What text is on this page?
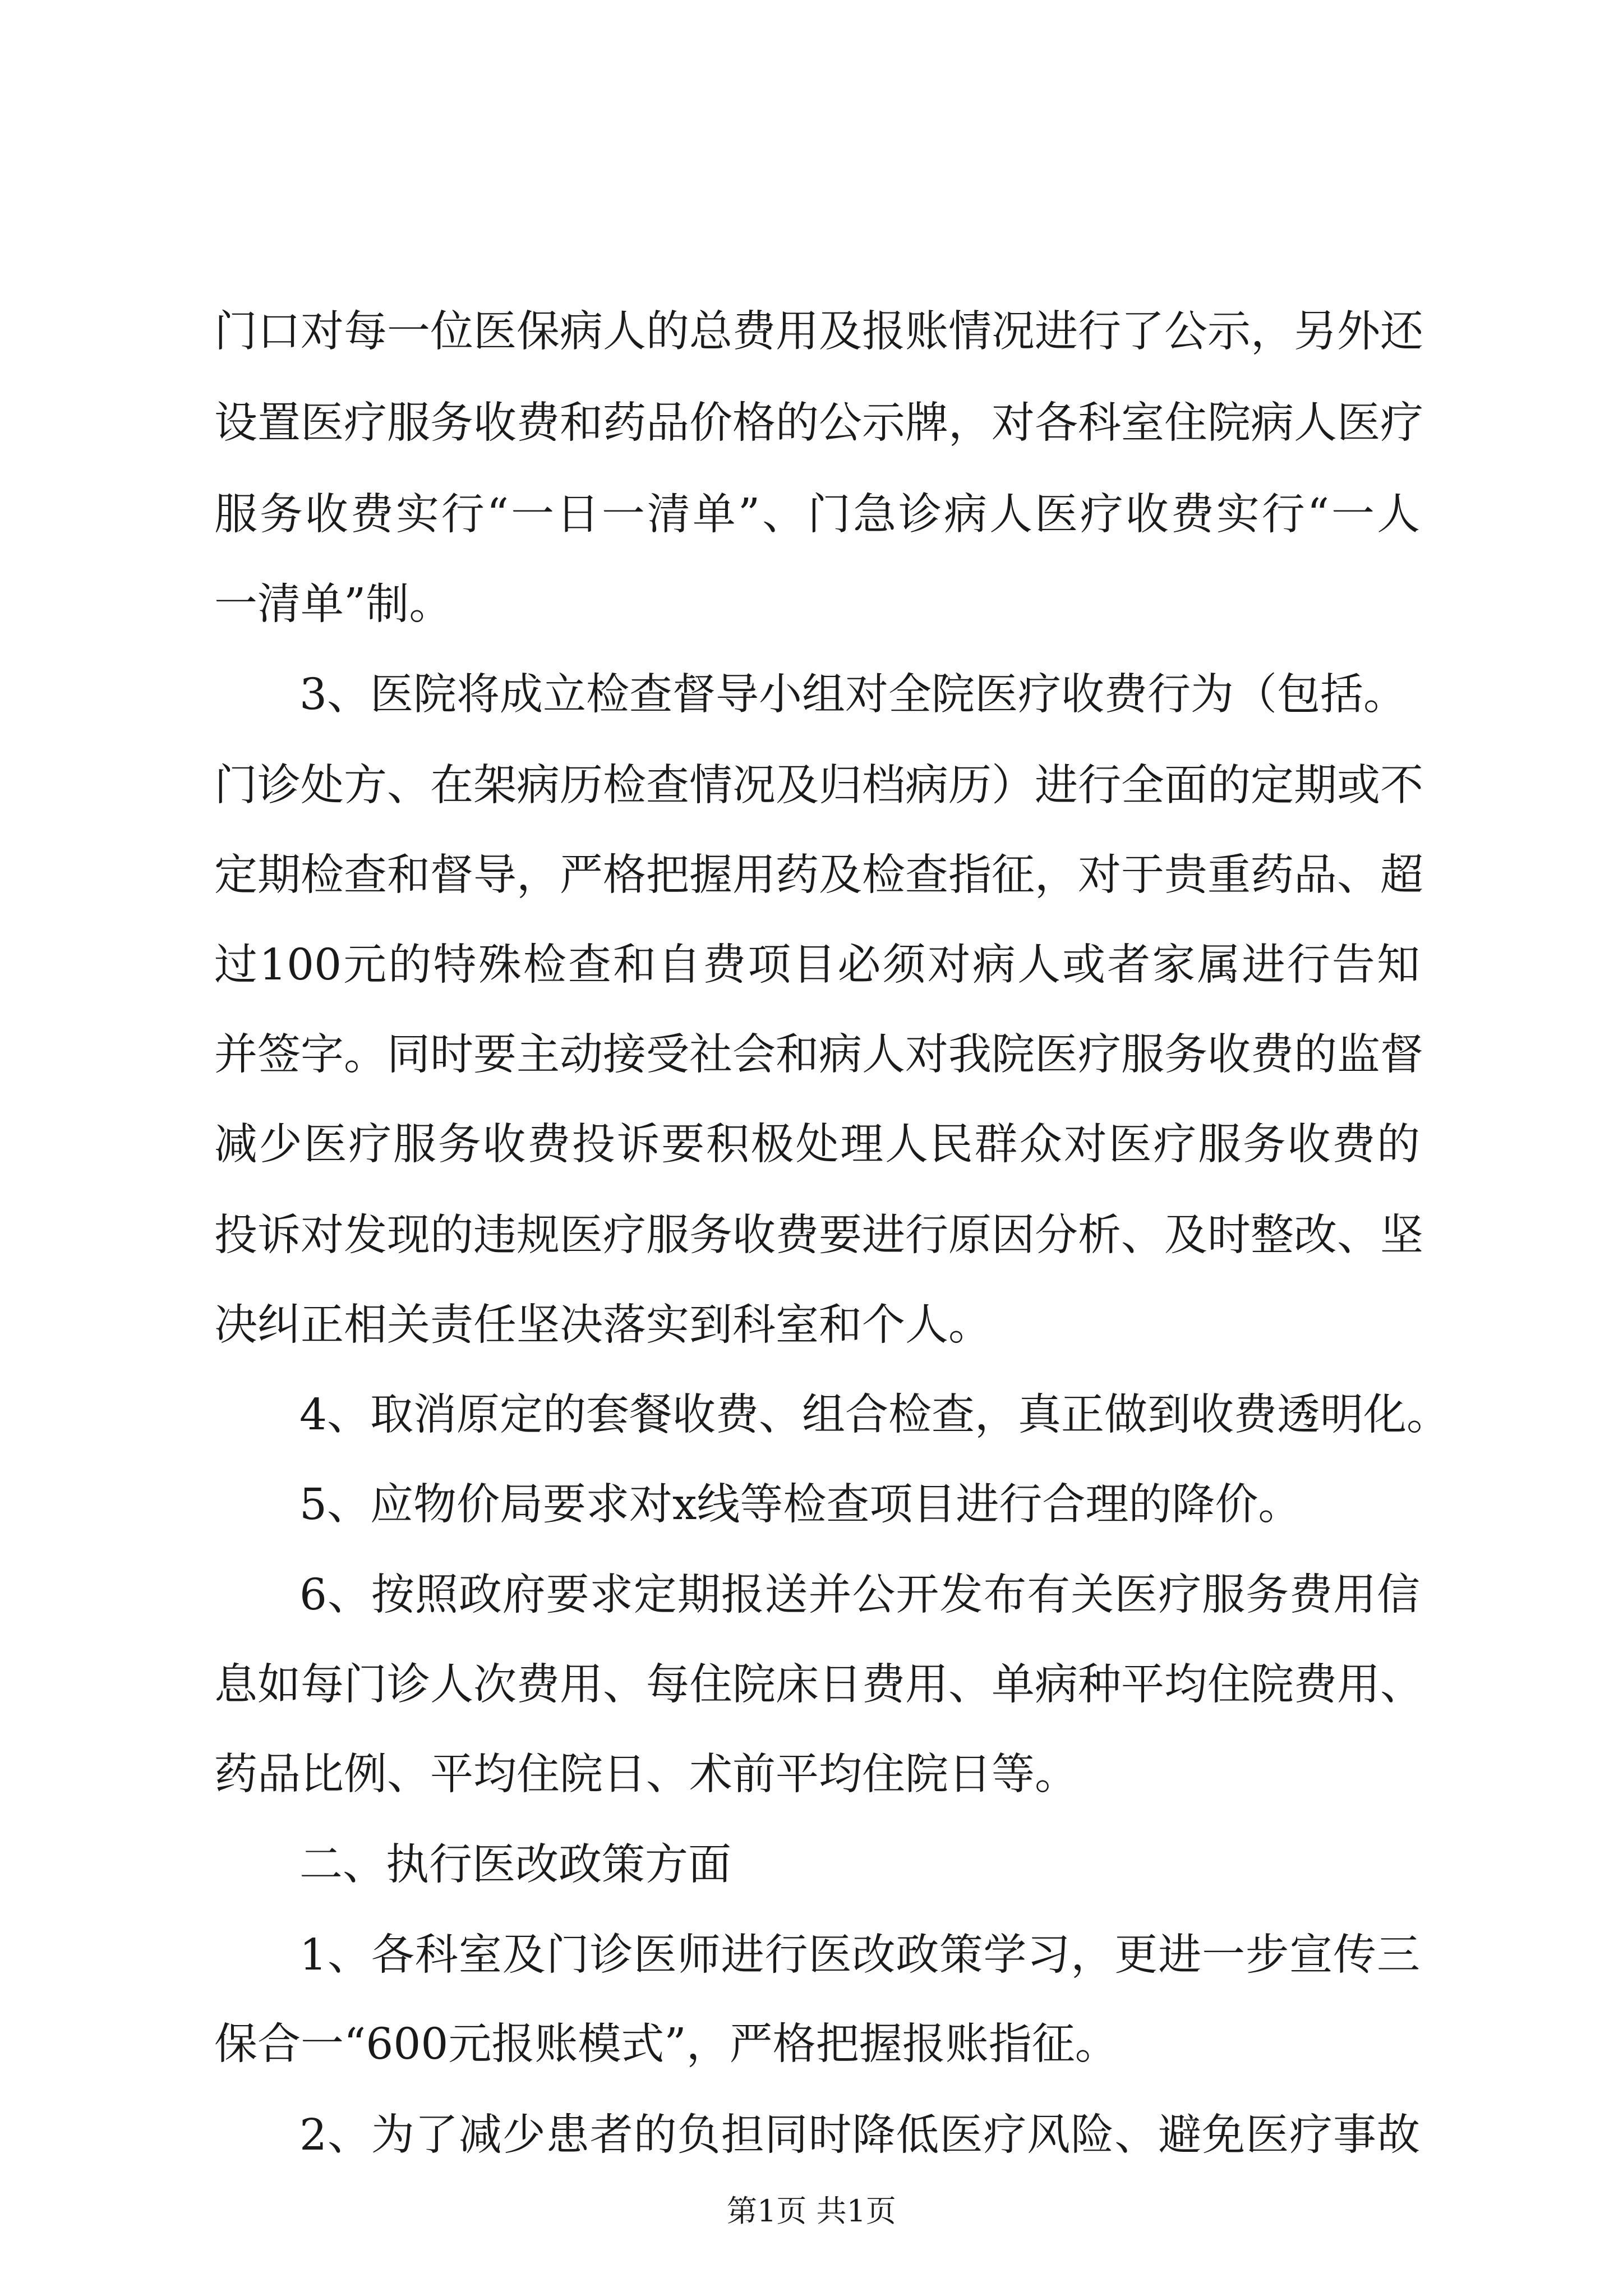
门口对每一位医保病人的总费用及报账情况进行了公示，另外还
设置医疗服务收费和药品价格的公示牌，对各科室住院病人医疗
服务收费实行“一日一清单”、门急诊病人医疗收费实行“一人
一清单”制。
3、医院将成立检查督导小组对全院医疗收费行为（包括。
门诊处方、在架病历检查情况及归档病历）进行全面的定期或不
定期检查和督导，严格把握用药及检查指征，对于贵重药品、超
过100元的特殊检查和自费项目必须对病人或者家属进行告知
并签字。同时要主动接受社会和病人对我院医疗服务收费的监督
减少医疗服务收费投诉要积极处理人民群众对医疗服务收费的
投诉对发现的违规医疗服务收费要进行原因分析、及时整改、坚
决纠正相关责任坚决落实到科室和个人。
4、取消原定的套餐收费、组合检查，真正做到收费透明化。
5、应物价局要求对x线等检查项目进行合理的降价。
6、按照政府要求定期报送并公开发布有关医疗服务费用信
息如每门诊人次费用、每住院床日费用、单病种平均住院费用、
药品比例、平均住院日、术前平均住院日等。
二、执行医改政策方面
1、各科室及门诊医师进行医改政策学习，更进一步宣传三
保合一“600元报账模式”，严格把握报账指征。
2、为了减少患者的负担同时降低医疗风险、避免医疗事故
第1页 共1页
